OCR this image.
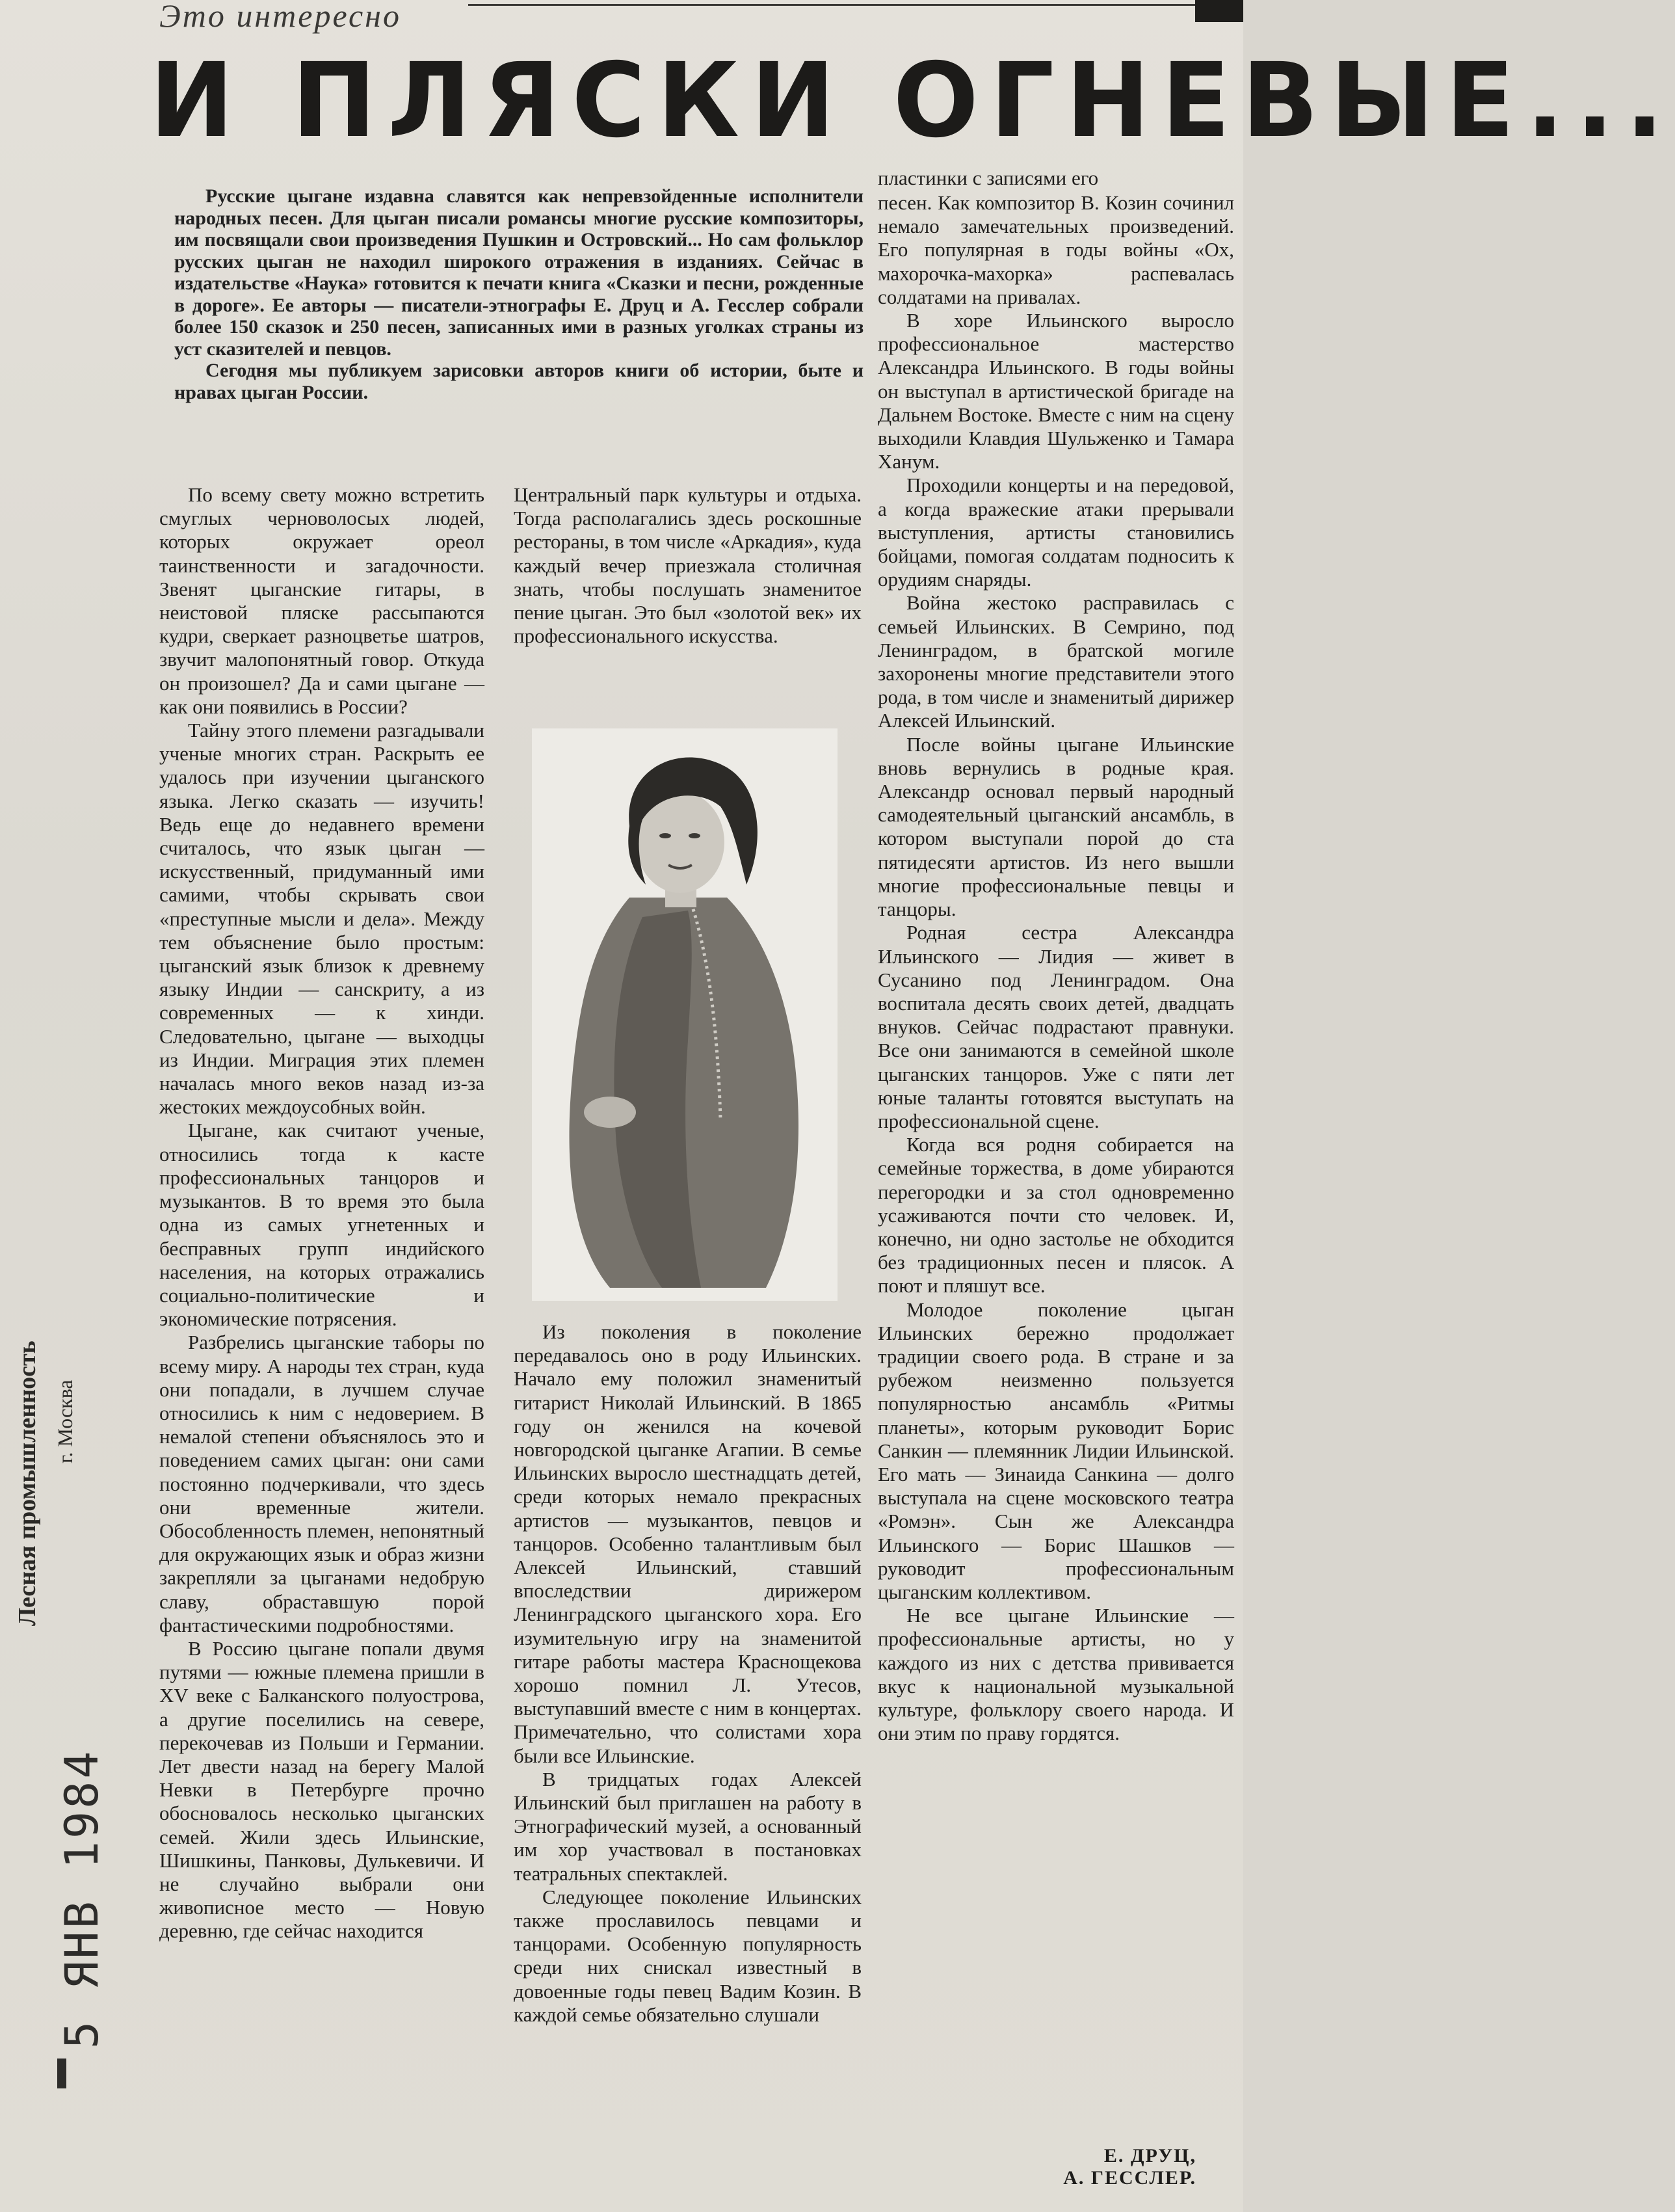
Это интересно
И ПЛЯСКИ ОГНЕВЫЕ...

Русские цыгане издавна славятся как непревзойденные исполнители народных песен. Для цыган писали романсы многие русские композиторы, им посвящали свои произведения Пушкин и Островский... Но сам фольклор русских цыган не находил широкого отражения в изданиях. Сейчас в издательстве «Наука» готовится к печати книга «Сказки и песни, рожденные в дороге». Ее авторы — писатели-этнографы Е. Друц и А. Гесслер собрали более 150 сказок и 250 песен, записанных ими в разных уголках страны из уст сказителей и певцов.

Сегодня мы публикуем зарисовки авторов книги об истории, быте и нравах цыган России.

пластинки с записями его

По всему свету можно встретить смуглых черноволосых людей, которых окружает ореол таинственности и загадочности. Звенят цыганские гитары, в неистовой пляске рассыпаются кудри, сверкает разноцветье шатров, звучит малопонятный говор. Откуда он произошел? Да и сами цыгане — как они появились в России?

Тайну этого племени разгадывали ученые многих стран. Раскрыть ее удалось при изучении цыганского языка. Легко сказать — изучить! Ведь еще до недавнего времени считалось, что язык цыган — искусственный, придуманный ими самими, чтобы скрывать свои «преступные мысли и дела». Между тем объяснение было простым: цыганский язык близок к древнему языку Индии — санскриту, а из современных — к хинди. Следовательно, цыгане — выходцы из Индии. Миграция этих племен началась много веков назад из-за жестоких междоусобных войн.

Цыгане, как считают ученые, относились тогда к касте профессиональных танцоров и музыкантов. В то время это была одна из самых угнетенных и бесправных групп индийского населения, на которых отражались социально-политические и экономические потрясения.

Разбрелись цыганские таборы по всему миру. А народы тех стран, куда они попадали, в лучшем случае относились к ним с недоверием. В немалой степени объяснялось это и поведением самих цыган: они сами постоянно подчеркивали, что здесь они временные жители. Обособленность племен, непонятный для окружающих язык и образ жизни закрепляли за цыганами недобрую славу, обраставшую порой фантастическими подробностями.

В Россию цыгане попали двумя путями — южные племена пришли в XV веке с Балканского полуострова, а другие поселились на севере, перекочевав из Польши и Германии. Лет двести назад на берегу Малой Невки в Петербурге прочно обосновалось несколько цыганских семей. Жили здесь Ильинские, Шишкины, Панковы, Дулькевичи. И не случайно выбрали они живописное место — Новую деревню, где сейчас находится

Центральный парк культуры и отдыха. Тогда располагались здесь роскошные рестораны, в том числе «Аркадия», куда каждый вечер приезжала столичная знать, чтобы послушать знаменитое пение цыган. Это был «золотой век» их профессионального искусства.

Из поколения в поколение передавалось оно в роду Ильинских. Начало ему положил знаменитый гитарист Николай Ильинский. В 1865 году он женился на кочевой новгородской цыганке Агапии. В семье Ильинских выросло шестнадцать детей, среди которых немало прекрасных артистов — музыкантов, певцов и танцоров. Особенно талантливым был Алексей Ильинский, ставший впоследствии дирижером Ленинградского цыганского хора. Его изумительную игру на знаменитой гитаре работы мастера Краснощекова хорошо помнил Л. Утесов, выступавший вместе с ним в концертах. Примечательно, что солистами хора были все Ильинские.

В тридцатых годах Алексей Ильинский был приглашен на работу в Этнографический музей, а основанный им хор участвовал в постановках театральных спектаклей.

Следующее поколение Ильинских также прославилось певцами и танцорами. Особенную популярность среди них снискал известный в довоенные годы певец Вадим Козин. В каждой семье обязательно слушали

песен. Как композитор В. Козин сочинил немало замечательных произведений. Его популярная в годы войны «Ох, махорочка-махорка» распевалась солдатами на привалах.

В хоре Ильинского выросло профессиональное мастерство Александра Ильинского. В годы войны он выступал в артистической бригаде на Дальнем Востоке. Вместе с ним на сцену выходили Клавдия Шульженко и Тамара Ханум.

Проходили концерты и на передовой, а когда вражеские атаки прерывали выступления, артисты становились бойцами, помогая солдатам подносить к орудиям снаряды.

Война жестоко расправилась с семьей Ильинских. В Семрино, под Ленинградом, в братской могиле захоронены многие представители этого рода, в том числе и знаменитый дирижер Алексей Ильинский.

После войны цыгане Ильинские вновь вернулись в родные края. Александр основал первый народный самодеятельный цыганский ансамбль, в котором выступали порой до ста пятидесяти артистов. Из него вышли многие профессиональные певцы и танцоры.

Родная сестра Александра Ильинского — Лидия — живет в Сусанино под Ленинградом. Она воспитала десять своих детей, двадцать внуков. Сейчас подрастают правнуки. Все они занимаются в семейной школе цыганских танцоров. Уже с пяти лет юные таланты готовятся выступать на профессиональной сцене.

Когда вся родня собирается на семейные торжества, в доме убираются перегородки и за стол одновременно усаживаются почти сто человек. И, конечно, ни одно застолье не обходится без традиционных песен и плясок. А поют и пляшут все.

Молодое поколение цыган Ильинских бережно продолжает традиции своего рода. В стране и за рубежом неизменно пользуется популярностью ансамбль «Ритмы планеты», которым руководит Борис Санкин — племянник Лидии Ильинской. Его мать — Зинаида Санкина — долго выступала на сцене московского театра «Ромэн». Сын же Александра Ильинского — Борис Шашков — руководит профессиональным цыганским коллективом.

Не все цыгане Ильинские — профессиональные артисты, но у каждого из них с детства прививается вкус к национальной музыкальной культуре, фольклору своего народа. И они этим по праву гордятся.

Е. ДРУЦ,
А. ГЕССЛЕР.
Лесная промышленность г. Москва
5 ЯНВ 1984
